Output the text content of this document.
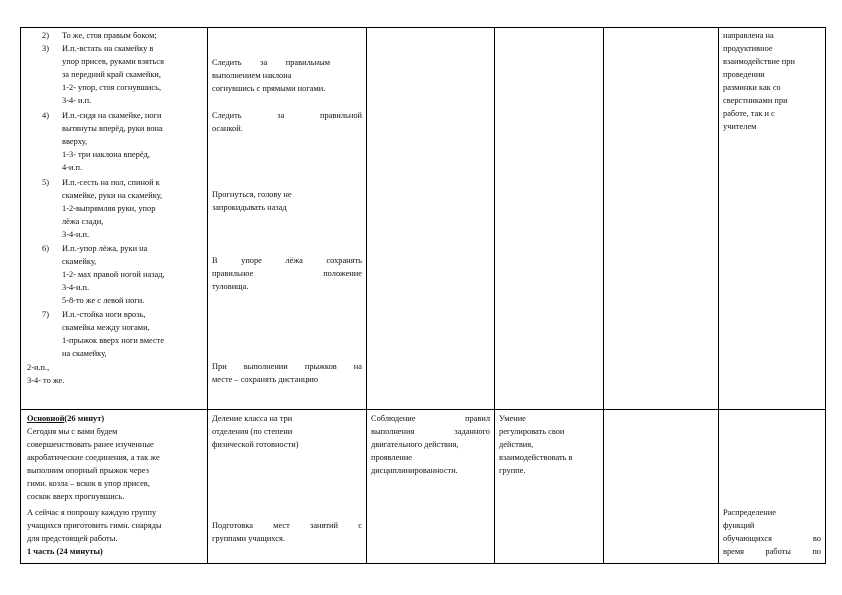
2) То же, стоя правым боком;
3) И.п.-встать на скамейку в
упор присев, руками взяться
за передний край скамейки,
1-2- упор, стоя согнувшись,
3-4- и.п.
4) И.п.-сидя на скамейке, ноги
вытянуты вперёд, руки вона
вверху,
1-3- три наклона вперёд,
4-и.п.
5) И.п.-сесть на пол, спиной к
скамейке, руки на скамейку,
1-2-выпрямляя руки, упор
лёжа сзади,
3-4-и.п.
6) И.п.-упор лёжа, руки на
скамейку,
1-2- мах правой ногой назад,
3-4-и.п.
5-8-то же с левой ноги.
7) И.п.-стойка ноги врозь,
скамейка между ногами,
1-прыжок вверх ноги вместе
на скамейку,
2-и.п.,
3-4- то же.
Следить за правильным
выполнением наклона
согнувшись с прямыми ногами.
Следить за правильной
осанкой.
Прогнуться, голову не
запрокидывать назад
В упоре лёжа сохранять
правильное положение
туловища.
При выполнении прыжков на
месте – сохранять дистанцию
направлена на
продуктивное
взаимодействие при
проведении
разминки как со
сверстниками при
работе, так и с
учителем
Основной(26 минут)
Сегодня мы с вами будем
совершенствовать ранее изученные
акробатические соединения, а так же
выполним опорный прыжок через
гимн. козла – вскок в упор присев,
соскок вверх прогнувшись.
А сейчас я попрошу каждую группу
учащихся приготовить гимн. снаряды
для предстоящей работы.
1 часть (24 минуты)
Деление класса на три
отделения (по степени
физической готовности)
Подготовка мест занятий с
группами учащихся.
Соблюдение правил
выполнения заданного
двигательного действия,
проявление
дисциплинированности.
Умение
регулировать свои
действия,
взаимодействовать в
группе.
Распределение
функций
обучающихся во
время работы по
